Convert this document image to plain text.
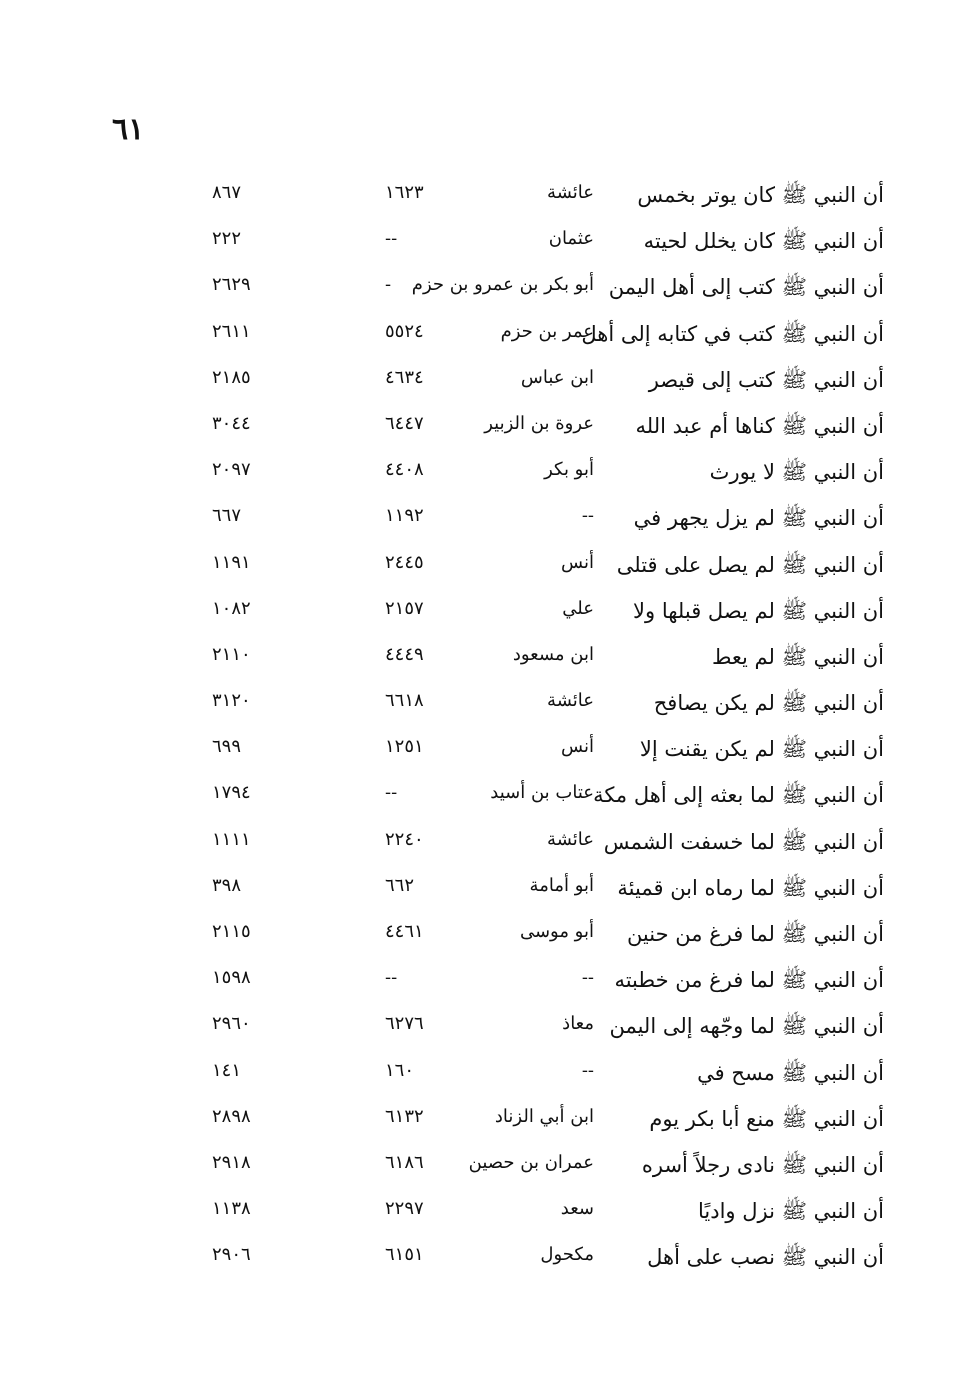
٦١
أن النبي ﷺ كان يوتر بخمس
عائشة
١٦٢٣
٨٦٧
أن النبي ﷺ كان يخلل لحيته
عثمان
--
٢٢٢
أن النبي ﷺ كتب إلى أهل اليمن
أبو بكر بن عمرو بن حزم
-
٢٦٢٩
أن النبي ﷺ كتب في كتابه إلى أهل
عمر بن حزم
٥٥٢٤
٢٦١١
أن النبي ﷺ كتب إلى قيصر
ابن عباس
٤٦٣٤
٢١٨٥
أن النبي ﷺ كناها أم عبد الله
عروة بن الزبير
٦٤٤٧
٣٠٤٤
أن النبي ﷺ لا يورث
أبو بكر
٤٤٠٨
٢٠٩٧
أن النبي ﷺ لم يزل يجهر في
--
١١٩٢
٦٦٧
أن النبي ﷺ لم يصل على قتلى
أنس
٢٤٤٥
١١٩١
أن النبي ﷺ لم يصل قبلها ولا
علي
٢١٥٧
١٠٨٢
أن النبي ﷺ لم يعط
ابن مسعود
٤٤٤٩
٢١١٠
أن النبي ﷺ لم يكن يصافح
عائشة
٦٦١٨
٣١٢٠
أن النبي ﷺ لم يكن يقنت إلا
أنس
١٢٥١
٦٩٩
أن النبي ﷺ لما بعثه إلى أهل مكة
عتاب بن أسيد
--
١٧٩٤
أن النبي ﷺ لما خسفت الشمس
عائشة
٢٢٤٠
١١١١
أن النبي ﷺ لما رماه ابن قميئة
أبو أمامة
٦٦٢
٣٩٨
أن النبي ﷺ لما فرغ من حنين
أبو موسى
٤٤٦١
٢١١٥
أن النبي ﷺ لما فرغ من خطبته
--
--
١٥٩٨
أن النبي ﷺ لما وجّهه إلى اليمن
معاذ
٦٢٧٦
٢٩٦٠
أن النبي ﷺ مسح في
--
١٦٠
١٤١
أن النبي ﷺ منع أبا بكر يوم
ابن أبي الزناد
٦١٣٢
٢٨٩٨
أن النبي ﷺ نادى رجلاً أسره
عمران بن حصين
٦١٨٦
٢٩١٨
أن النبي ﷺ نزل واديًا
سعد
٢٢٩٧
١١٣٨
أن النبي ﷺ نصب على أهل
مكحول
٦١٥١
٢٩٠٦
